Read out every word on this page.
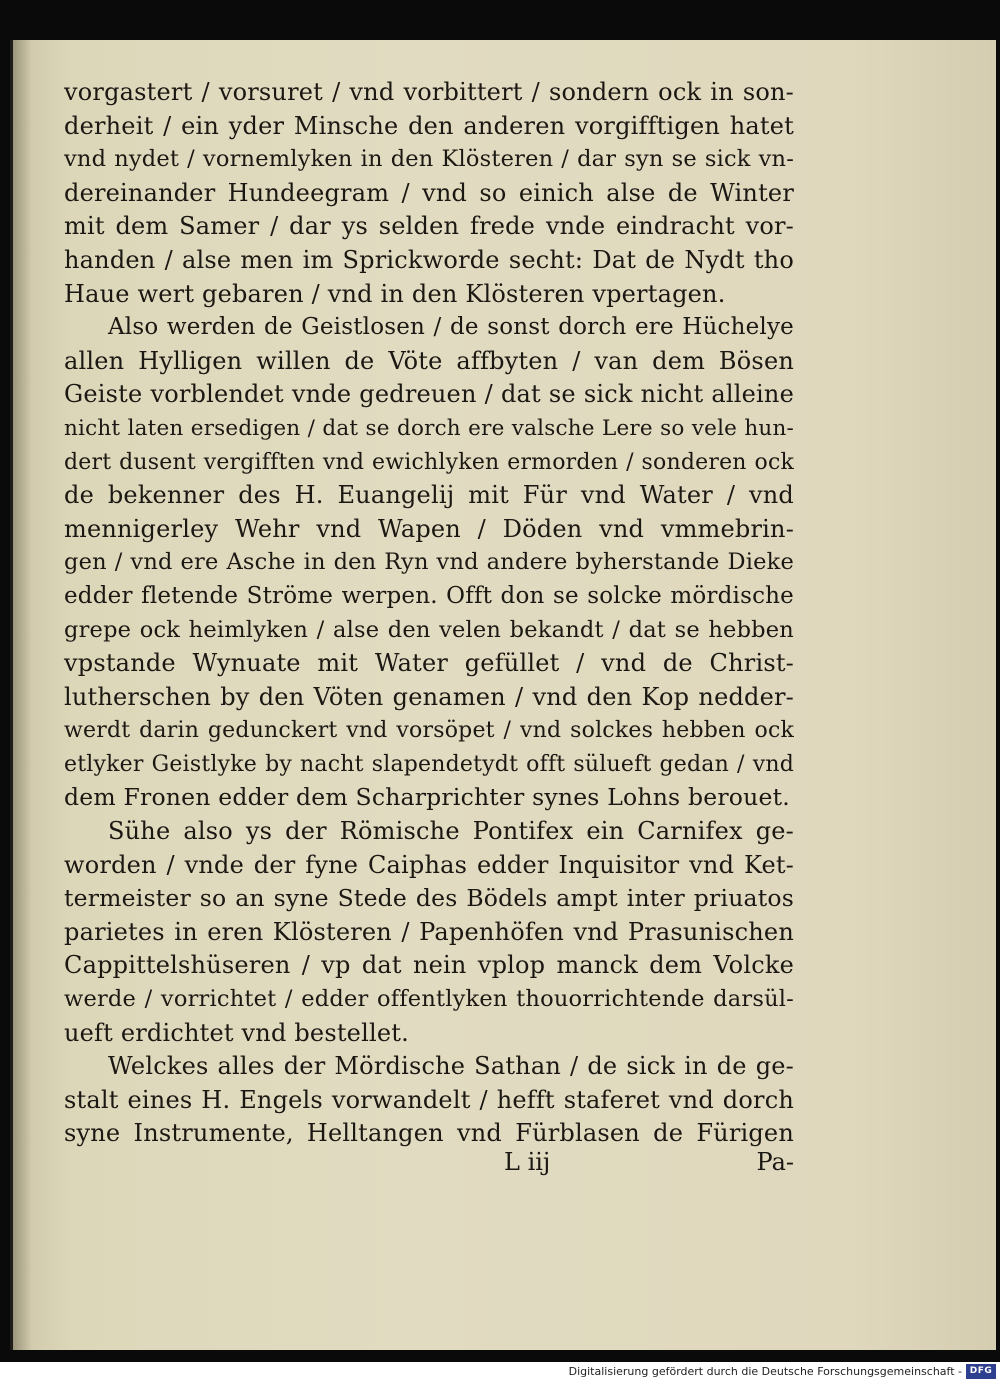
vorgastert / vorsuret / vnd vorbittert / sondern ock in son-
derheit / ein yder Minsche den anderen vorgifftigen hatet
vnd nydet / vornemlyken in den Klösteren / dar syn se sick vn-
dereinander Hundeegram / vnd so einich alse de Winter
mit dem Samer / dar ys selden frede vnde eindracht vor-
handen / alse men im Sprickworde secht: Dat de Nydt tho
Haue wert gebaren / vnd in den Klösteren vpertagen.
Also werden de Geistlosen / de sonst dorch ere Hüchelye
allen Hylligen willen de Vöte affbyten / van dem Bösen
Geiste vorblendet vnde gedreuen / dat se sick nicht alleine
nicht laten ersedigen / dat se dorch ere valsche Lere so vele hun-
dert dusent vergifften vnd ewichlyken ermorden / sonderen ock
de bekenner des H. Euangelij mit Für vnd Water / vnd
mennigerley Wehr vnd Wapen / Döden vnd vmmebrin-
gen / vnd ere Asche in den Ryn vnd andere byherstande Dieke
edder fletende Ströme werpen. Offt don se solcke mördische
grepe ock heimlyken / alse den velen bekandt / dat se hebben
vpstande Wynuate mit Water gefüllet / vnd de Christ-
lutherschen by den Vöten genamen / vnd den Kop nedder-
werdt darin gedunckert vnd vorsöpet / vnd solckes hebben ock
etlyker Geistlyke by nacht slapendetydt offt sülueft gedan / vnd
dem Fronen edder dem Scharprichter synes Lohns berouet.
Sühe also ys der Römische Pontifex ein Carnifex ge-
worden / vnde der fyne Caiphas edder Inquisitor vnd Ket-
termeister so an syne Stede des Bödels ampt inter priuatos
parietes in eren Klösteren / Papenhöfen vnd Prasunischen
Cappittelshüseren / vp dat nein vplop manck dem Volcke
werde / vorrichtet / edder offentlyken thouorrichtende darsül-
ueft erdichtet vnd bestellet.
Welckes alles der Mördische Sathan / de sick in de ge-
stalt eines H. Engels vorwandelt / hefft staferet vnd dorch
syne Instrumente, Helltangen vnd Fürblasen de Fürigen
L iij	Pa-
Digitalisierung gefördert durch die Deutsche Forschungsgemeinschaft - DFG
